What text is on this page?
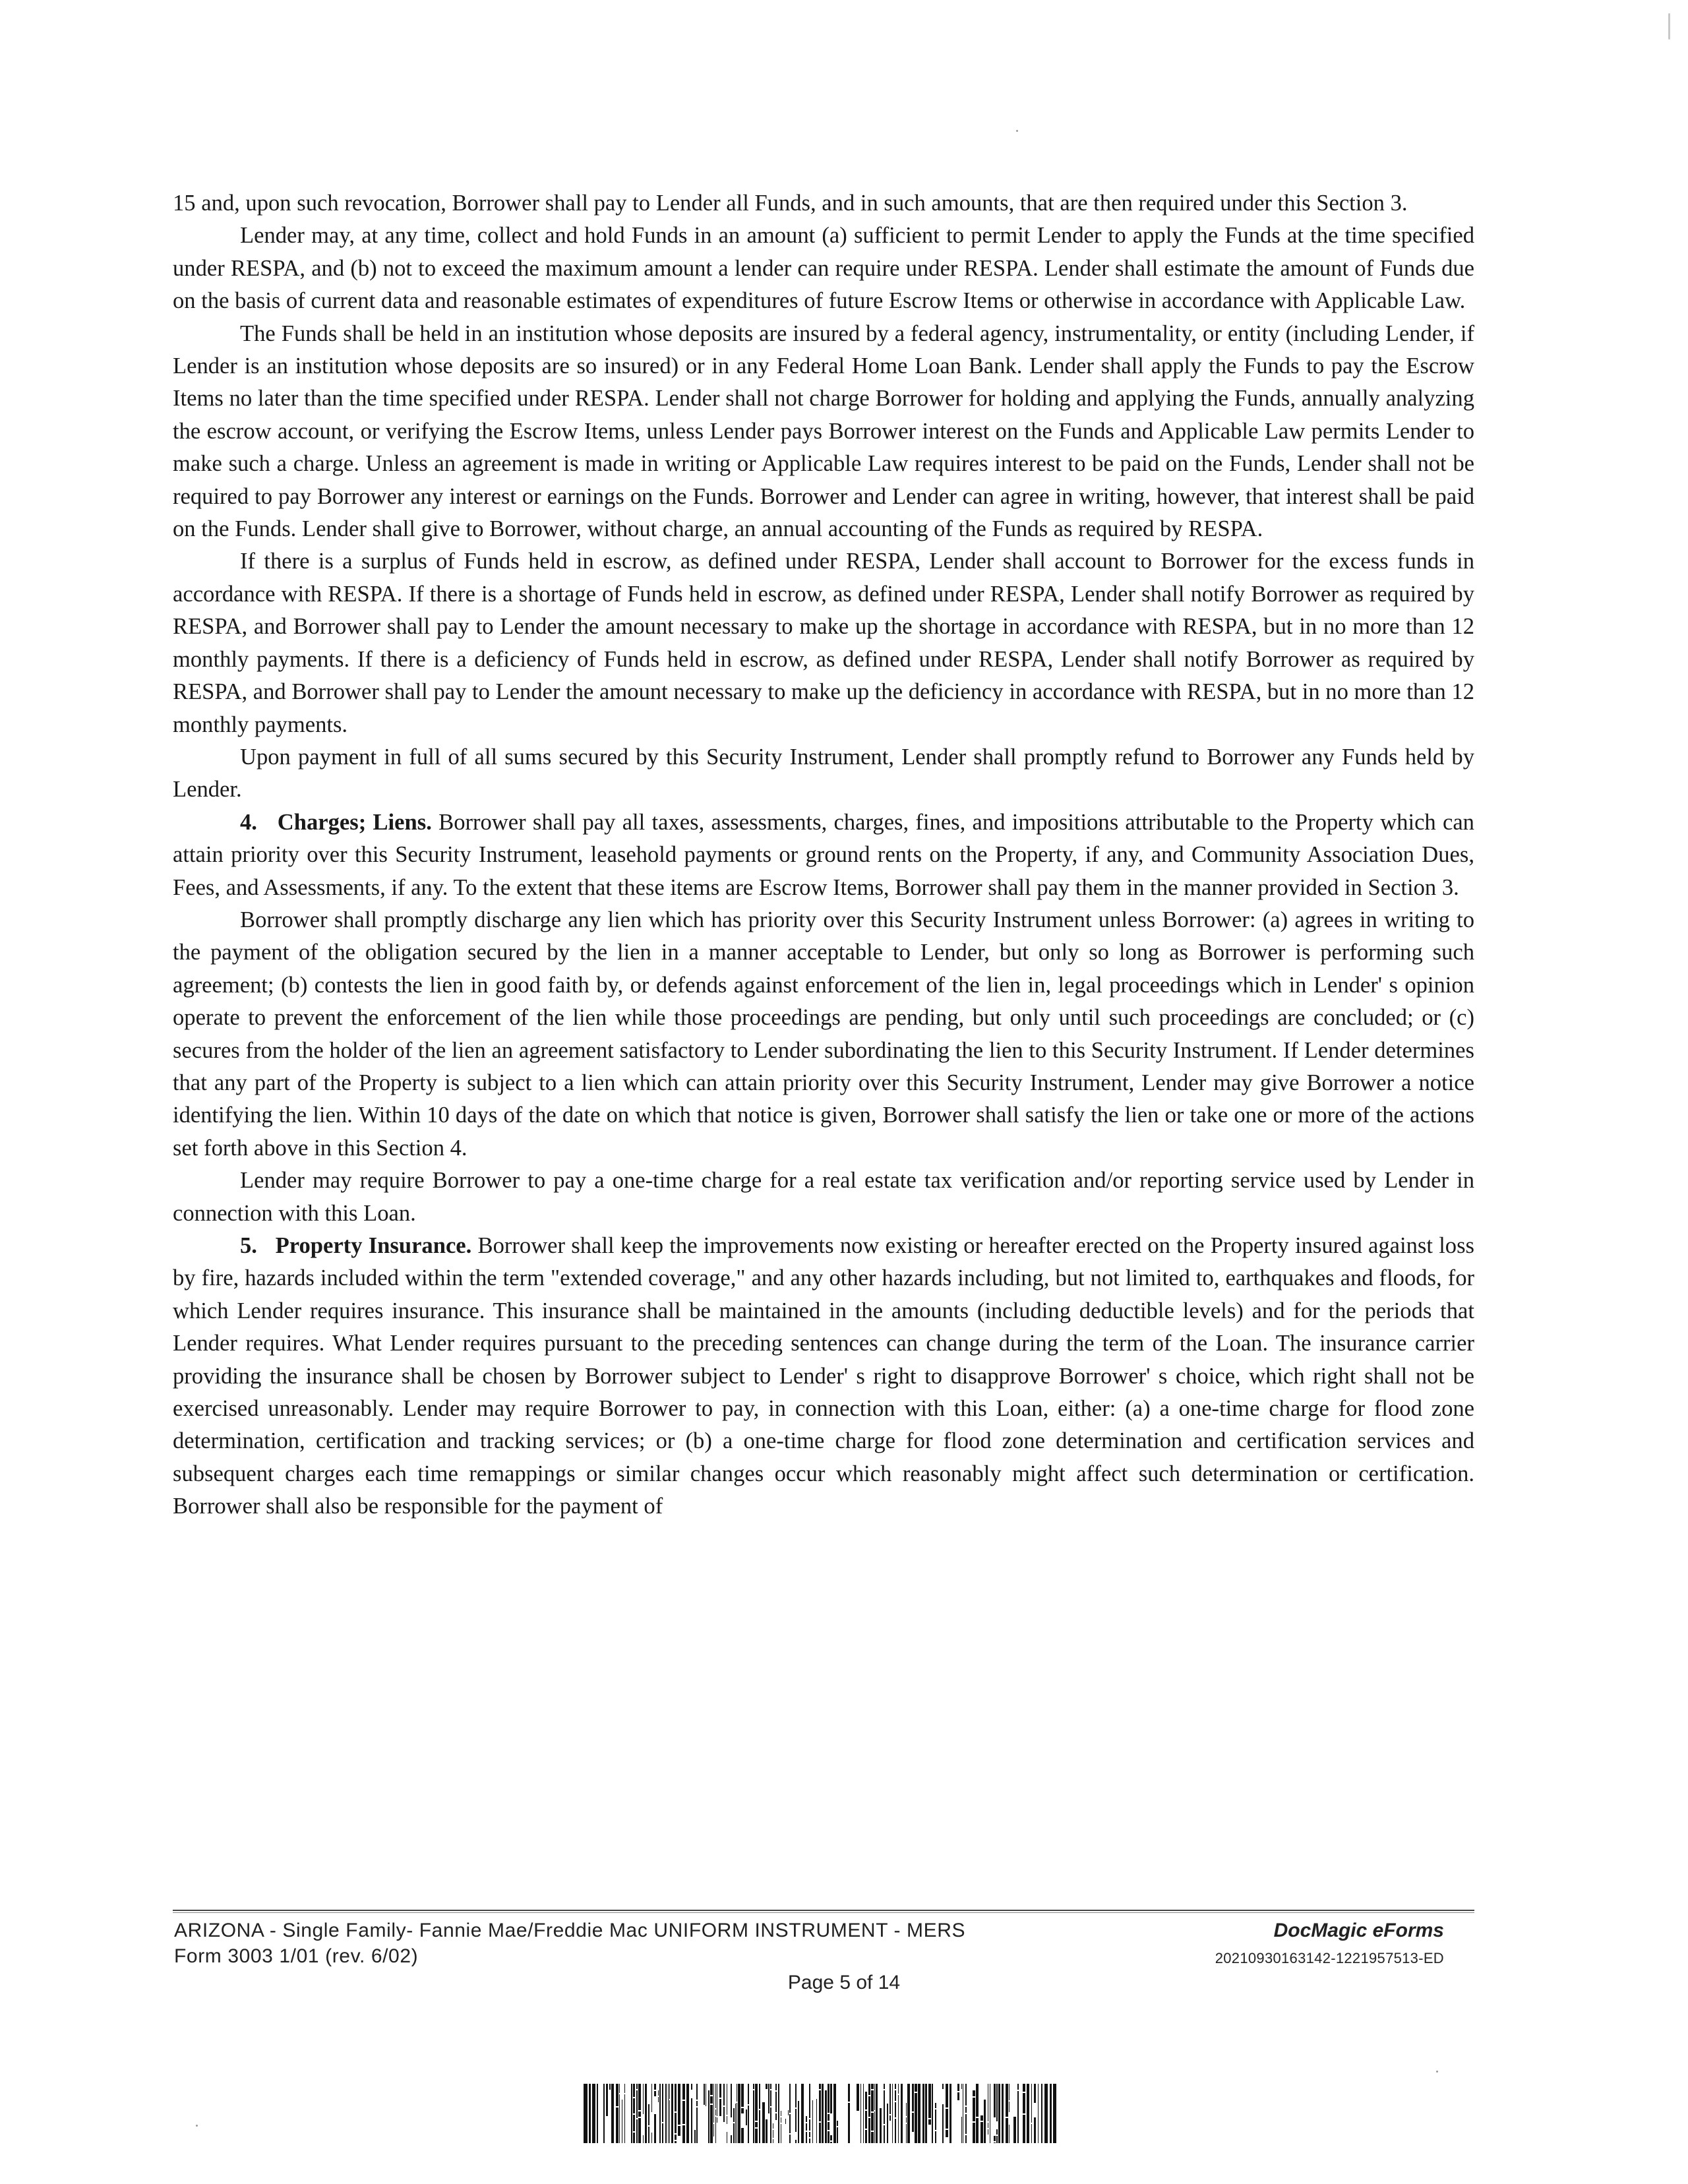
15 and, upon such revocation, Borrower shall pay to Lender all Funds, and in such amounts, that are then required under this Section 3.

Lender may, at any time, collect and hold Funds in an amount (a) sufficient to permit Lender to apply the Funds at the time specified under RESPA, and (b) not to exceed the maximum amount a lender can require under RESPA. Lender shall estimate the amount of Funds due on the basis of current data and reasonable estimates of expenditures of future Escrow Items or otherwise in accordance with Applicable Law.

The Funds shall be held in an institution whose deposits are insured by a federal agency, instrumentality, or entity (including Lender, if Lender is an institution whose deposits are so insured) or in any Federal Home Loan Bank. Lender shall apply the Funds to pay the Escrow Items no later than the time specified under RESPA. Lender shall not charge Borrower for holding and applying the Funds, annually analyzing the escrow account, or verifying the Escrow Items, unless Lender pays Borrower interest on the Funds and Applicable Law permits Lender to make such a charge. Unless an agreement is made in writing or Applicable Law requires interest to be paid on the Funds, Lender shall not be required to pay Borrower any interest or earnings on the Funds. Borrower and Lender can agree in writing, however, that interest shall be paid on the Funds. Lender shall give to Borrower, without charge, an annual accounting of the Funds as required by RESPA.

If there is a surplus of Funds held in escrow, as defined under RESPA, Lender shall account to Borrower for the excess funds in accordance with RESPA. If there is a shortage of Funds held in escrow, as defined under RESPA, Lender shall notify Borrower as required by RESPA, and Borrower shall pay to Lender the amount necessary to make up the shortage in accordance with RESPA, but in no more than 12 monthly payments. If there is a deficiency of Funds held in escrow, as defined under RESPA, Lender shall notify Borrower as required by RESPA, and Borrower shall pay to Lender the amount necessary to make up the deficiency in accordance with RESPA, but in no more than 12 monthly payments.

Upon payment in full of all sums secured by this Security Instrument, Lender shall promptly refund to Borrower any Funds held by Lender.

4. Charges; Liens. Borrower shall pay all taxes, assessments, charges, fines, and impositions attributable to the Property which can attain priority over this Security Instrument, leasehold payments or ground rents on the Property, if any, and Community Association Dues, Fees, and Assessments, if any. To the extent that these items are Escrow Items, Borrower shall pay them in the manner provided in Section 3.

Borrower shall promptly discharge any lien which has priority over this Security Instrument unless Borrower: (a) agrees in writing to the payment of the obligation secured by the lien in a manner acceptable to Lender, but only so long as Borrower is performing such agreement; (b) contests the lien in good faith by, or defends against enforcement of the lien in, legal proceedings which in Lender' s opinion operate to prevent the enforcement of the lien while those proceedings are pending, but only until such proceedings are concluded; or (c) secures from the holder of the lien an agreement satisfactory to Lender subordinating the lien to this Security Instrument. If Lender determines that any part of the Property is subject to a lien which can attain priority over this Security Instrument, Lender may give Borrower a notice identifying the lien. Within 10 days of the date on which that notice is given, Borrower shall satisfy the lien or take one or more of the actions set forth above in this Section 4.

Lender may require Borrower to pay a one-time charge for a real estate tax verification and/or reporting service used by Lender in connection with this Loan.

5. Property Insurance. Borrower shall keep the improvements now existing or hereafter erected on the Property insured against loss by fire, hazards included within the term "extended coverage," and any other hazards including, but not limited to, earthquakes and floods, for which Lender requires insurance. This insurance shall be maintained in the amounts (including deductible levels) and for the periods that Lender requires. What Lender requires pursuant to the preceding sentences can change during the term of the Loan. The insurance carrier providing the insurance shall be chosen by Borrower subject to Lender' s right to disapprove Borrower' s choice, which right shall not be exercised unreasonably. Lender may require Borrower to pay, in connection with this Loan, either: (a) a one-time charge for flood zone determination, certification and tracking services; or (b) a one-time charge for flood zone determination and certification services and subsequent charges each time remappings or similar changes occur which reasonably might affect such determination or certification. Borrower shall also be responsible for the payment of

ARIZONA - Single Family- Fannie Mae/Freddie Mac UNIFORM INSTRUMENT - MERS
Form 3003 1/01 (rev. 6/02)
Page 5 of 14
DocMagic eForms
20210930163142-1221957513-ED
